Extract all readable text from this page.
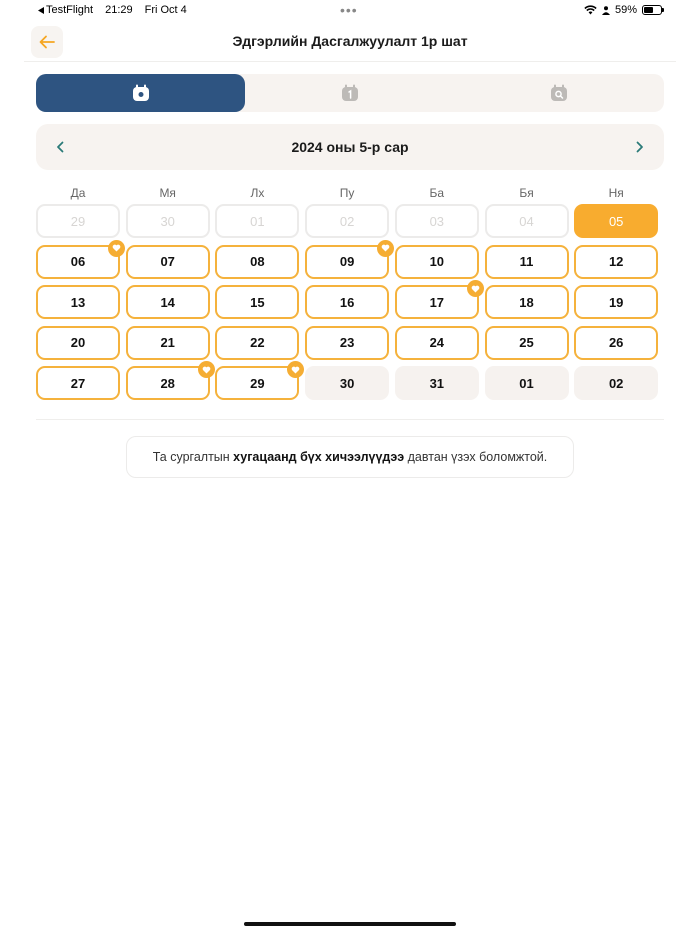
TestFlight 21:29 Fri Oct 4	•••	59%
Эдгэрлийн Дасгалжуулалт 1р шат
2024 оны 5-р сар
Да	Мя	Лх	Пу	Ба	Бя	Ня
29	30	01	02	03	04	05
06	07	08	09	10	11	12
13	14	15	16	17	18	19
20	21	22	23	24	25	26
27	28	29	30	31	01	02
Та сургалтын хугацаанд бүх хичээлүүдээ давтан үзэх боломжтой.
